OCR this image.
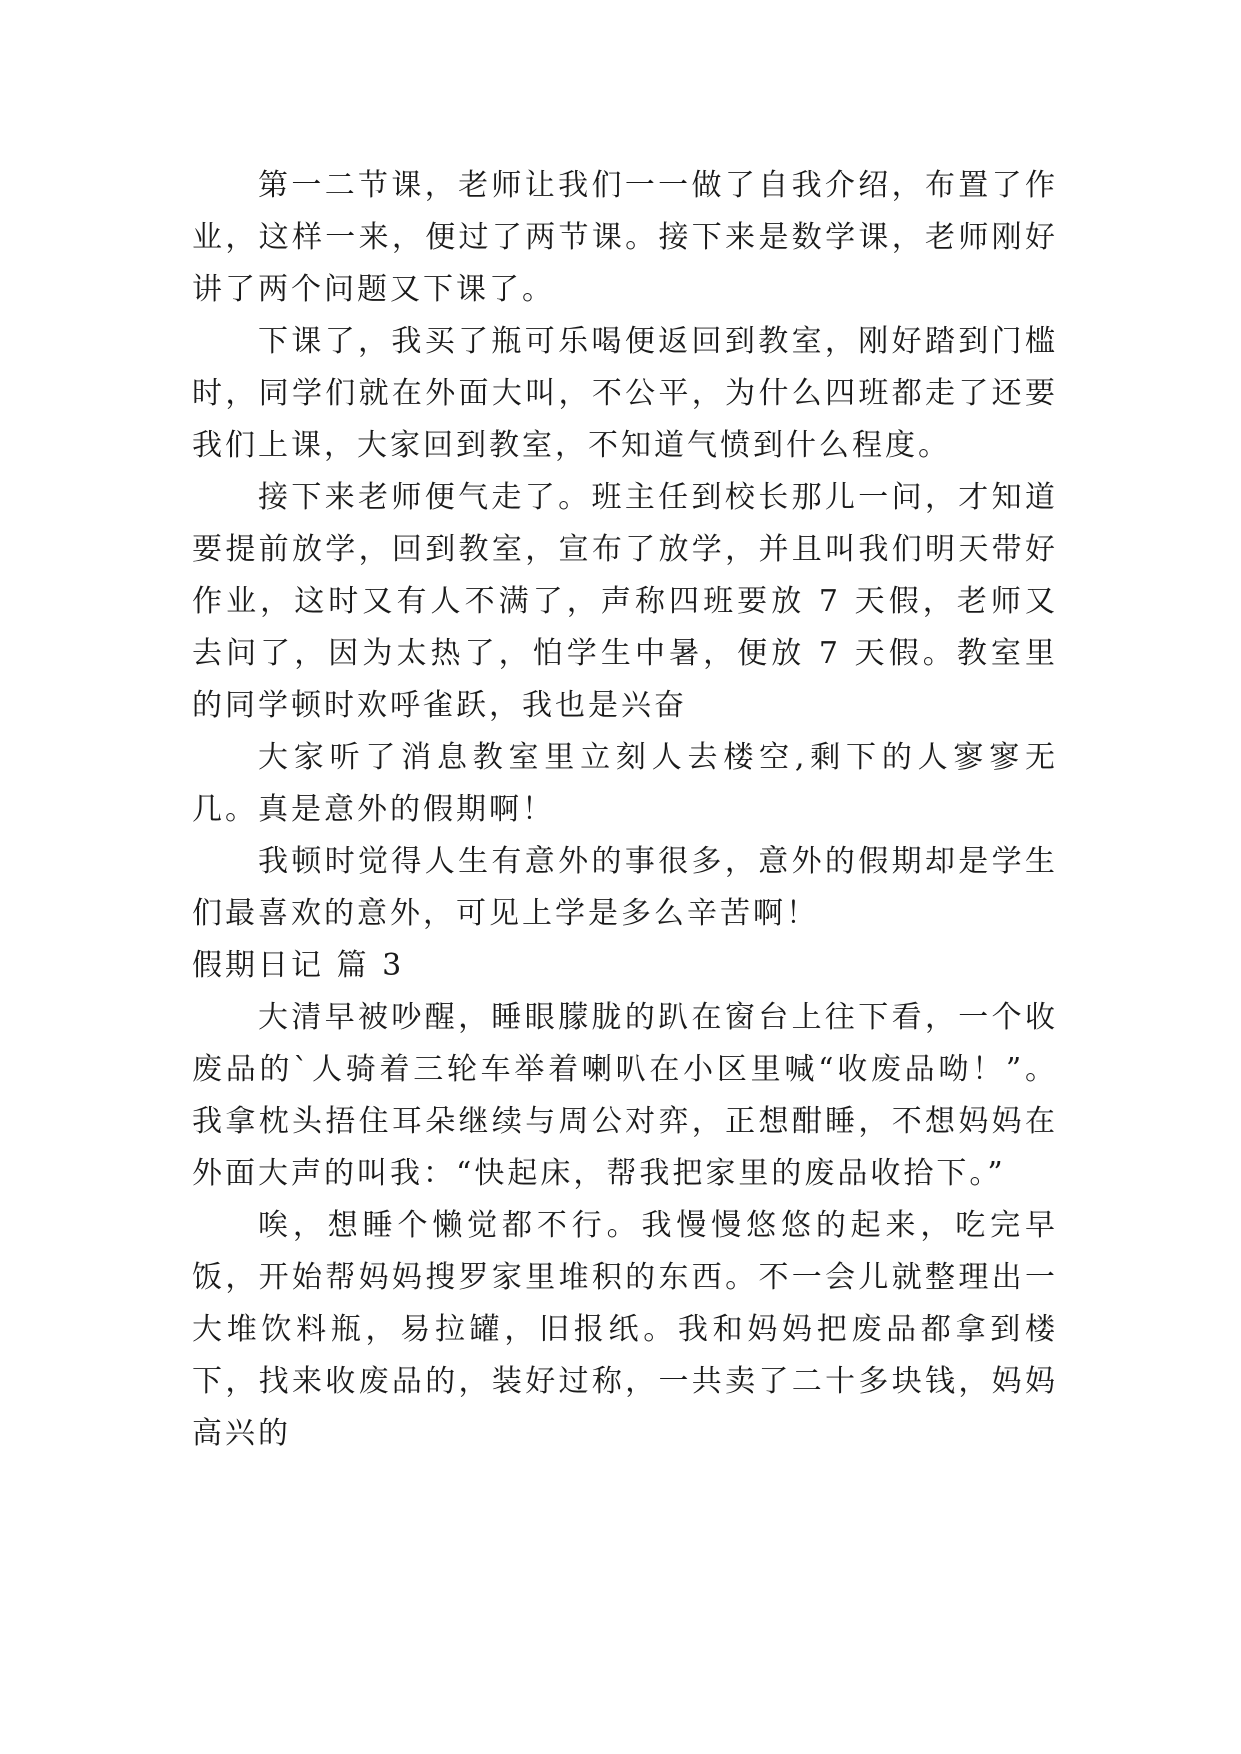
第一二节课，老师让我们一一做了自我介绍，布置了作业，这样一来，便过了两节课。接下来是数学课，老师刚好讲了两个问题又下课了。

下课了，我买了瓶可乐喝便返回到教室，刚好踏到门槛时，同学们就在外面大叫，不公平，为什么四班都走了还要我们上课，大家回到教室，不知道气愤到什么程度。

接下来老师便气走了。班主任到校长那儿一问，才知道要提前放学，回到教室，宣布了放学，并且叫我们明天带好作业，这时又有人不满了，声称四班要放 7 天假，老师又去问了，因为太热了，怕学生中暑，便放 7 天假。教室里的同学顿时欢呼雀跃，我也是兴奋

大家听了消息教室里立刻人去楼空,剩下的人寥寥无几。真是意外的假期啊！

我顿时觉得人生有意外的事很多，意外的假期却是学生们最喜欢的意外，可见上学是多么辛苦啊！

假期日记 篇 3

大清早被吵醒，睡眼朦胧的趴在窗台上往下看，一个收废品的`人骑着三轮车举着喇叭在小区里喊“收废品呦！”。我拿枕头捂住耳朵继续与周公对弈，正想酣睡，不想妈妈在外面大声的叫我：“快起床，帮我把家里的废品收拾下。”

唉，想睡个懒觉都不行。我慢慢悠悠的起来，吃完早饭，开始帮妈妈搜罗家里堆积的东西。不一会儿就整理出一大堆饮料瓶，易拉罐，旧报纸。我和妈妈把废品都拿到楼下，找来收废品的，装好过称，一共卖了二十多块钱，妈妈高兴的
